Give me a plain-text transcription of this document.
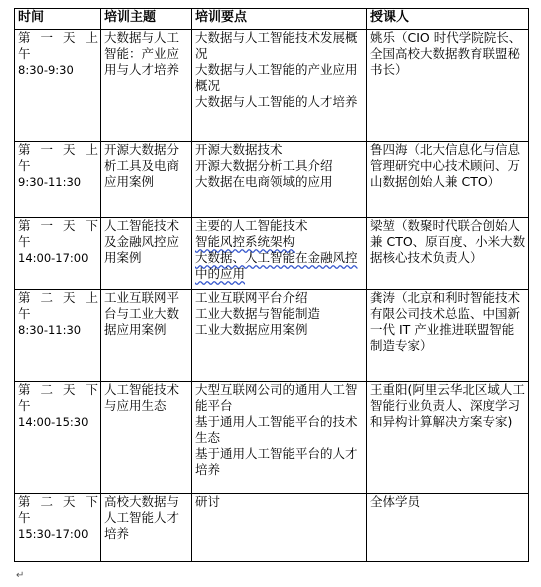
时间	培训主题	培训要点	授课人

第 一 天 上
午
8:30-9:30	大数据与人工智能：产业应用与人才培养	大数据与人工智能技术发展概况
大数据与人工智能的产业应用概况
大数据与人工智能的人才培养	姚乐（CIO 时代学院院长、全国高校大数据教育联盟秘书长）

第 一 天 上
午
9:30-11:30	开源大数据分析工具及电商应用案例	开源大数据技术
开源大数据分析工具介绍
大数据在电商领域的应用	鲁四海（北大信息化与信息管理研究中心技术顾问、万山数据创始人兼 CTO）

第 一 天 下
午
14:00-17:00	人工智能技术及金融风控应用案例	主要的人工智能技术
智能风控系统架构
大数据、人工智能在金融风控中的应用	梁堃（数聚时代联合创始人兼 CTO、原百度、小米大数据核心技术负责人）

第 二 天 上
午
8:30-11:30	工业互联网平台与工业大数据应用案例	工业互联网平台介绍
工业大数据与智能制造
工业大数据应用案例	龚涛（北京和利时智能技术有限公司技术总监、中国新一代 IT 产业推进联盟智能制造专家）

第 二 天 下
午
14:00-15:30	人工智能技术与应用生态	大型互联网公司的通用人工智能平台
基于通用人工智能平台的技术生态
基于通用人工智能平台的人才培养	王重阳(阿里云华北区域人工智能行业负责人、深度学习和异构计算解决方案专家)

第 二 天 下
午
15:30-17:00	高校大数据与人工智能人才培养	研讨	全体学员
↵
